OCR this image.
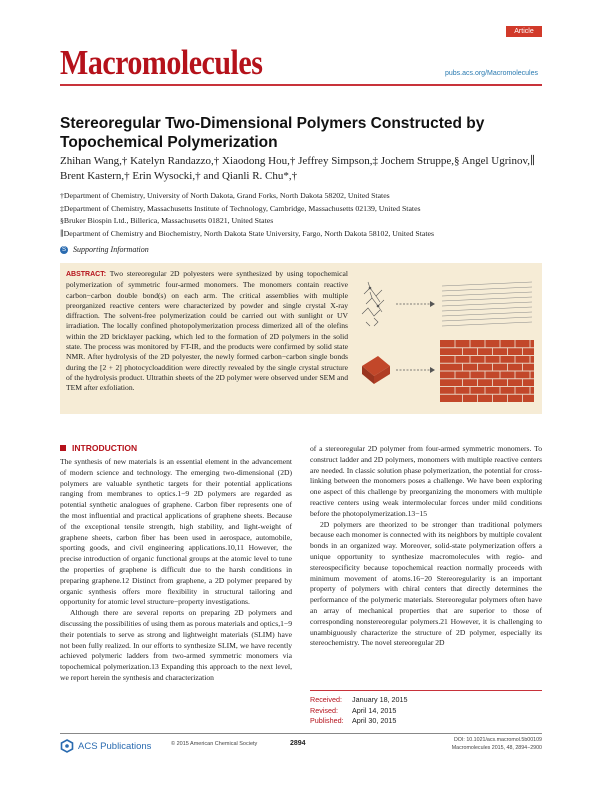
Article
Macromolecules	pubs.acs.org/Macromolecules
Stereoregular Two-Dimensional Polymers Constructed by Topochemical Polymerization
Zhihan Wang,† Katelyn Randazzo,† Xiaodong Hou,† Jeffrey Simpson,‡ Jochem Struppe,§ Angel Ugrinov,∥ Brent Kastern,† Erin Wysocki,† and Qianli R. Chu*,†
†Department of Chemistry, University of North Dakota, Grand Forks, North Dakota 58202, United States
‡Department of Chemistry, Massachusetts Institute of Technology, Cambridge, Massachusetts 02139, United States
§Bruker Biospin Ltd., Billerica, Massachusetts 01821, United States
∥Department of Chemistry and Biochemistry, North Dakota State University, Fargo, North Dakota 58102, United States
S Supporting Information
ABSTRACT: Two stereoregular 2D polyesters were synthesized by using topochemical polymerization of symmetric four-armed monomers. The monomers contain reactive carbon−carbon double bond(s) on each arm. The critical assemblies with multiple preorganized reactive centers were characterized by powder and single crystal X-ray diffraction. The solvent-free polymerization could be carried out with sunlight or UV irradiation. The locally confined photopolymerization process dimerized all of the olefins within the 2D bricklayer packing, which led to the formation of 2D polymers in the solid state. The process was monitored by FT-IR, and the products were confirmed by solid state NMR. After hydrolysis of the 2D polyester, the newly formed carbon−carbon single bonds during the [2 + 2] photocycloaddition were directly revealed by the single crystal structure of the hydrolysis product. Ultrathin sheets of the 2D polymer were observed under SEM and TEM after exfoliation.
INTRODUCTION

The synthesis of new materials is an essential element in the advancement of modern science and technology. The emerging two-dimensional (2D) polymers are valuable synthetic targets for their potential applications ranging from membranes to optics.1−9 2D polymers are regarded as potential synthetic analogues of graphene. Carbon fiber represents one of the most influential and practical applications of graphene sheets. Because of the exceptional tensile strength, high stability, and light-weight of graphene sheets, carbon fiber has been used in aerospace, automobile, sporting goods, and civil engineering applications.10,11 However, the precise introduction of organic functional groups at the atomic level to tune the properties of graphene is difficult due to the harsh conditions in preparing graphene.12 Distinct from graphene, a 2D polymer prepared by organic synthesis offers more flexibility in structural tailoring and opportunity for atomic level structure−property investigations.

Although there are several reports on preparing 2D polymers and discussing the possibilities of using them as porous materials and optics,1−9 their potentials to serve as strong and lightweight materials (SLIM) have not been fully realized. In our efforts to synthesize SLIM, we have recently achieved polymeric ladders from two-armed symmetric monomers via topochemical polymerization.13 Expanding this approach to the next level, we report herein the synthesis and characterization

of a stereoregular 2D polymer from four-armed symmetric monomers. To construct ladder and 2D polymers, monomers with multiple reactive centers are needed. In classic solution phase polymerization, the potential for cross-linking between the monomers poses a challenge. We have been exploring one aspect of this challenge by preorganizing the monomers with multiple reactive centers using weak intermolecular forces under mild conditions before the photopolymerization.13−15

2D polymers are theorized to be stronger than traditional polymers because each monomer is connected with its neighbors by multiple covalent bonds in an organized way. Moreover, solid-state polymerization offers a unique opportunity to synthesize macromolecules with regio- and stereospecificity because topochemical reaction normally proceeds with minimum movement of atoms.16−20 Stereoregularity is an important property of polymers with chiral centers that directly determines the performance of the polymeric materials. Stereoregular polymers often have an array of mechanical properties that are superior to those of corresponding nonstereoregular polymers.21 However, it is challenging to unambiguously characterize the structure of 2D polymer, especially its stereochemistry. The novel stereoregular 2D

Received: January 18, 2015
Revised: April 14, 2015
Published: April 30, 2015
ACS Publications	© 2015 American Chemical Society	2894	DOI: 10.1021/acs.macromol.5b00109
Macromolecules 2015, 48, 2894−2900
